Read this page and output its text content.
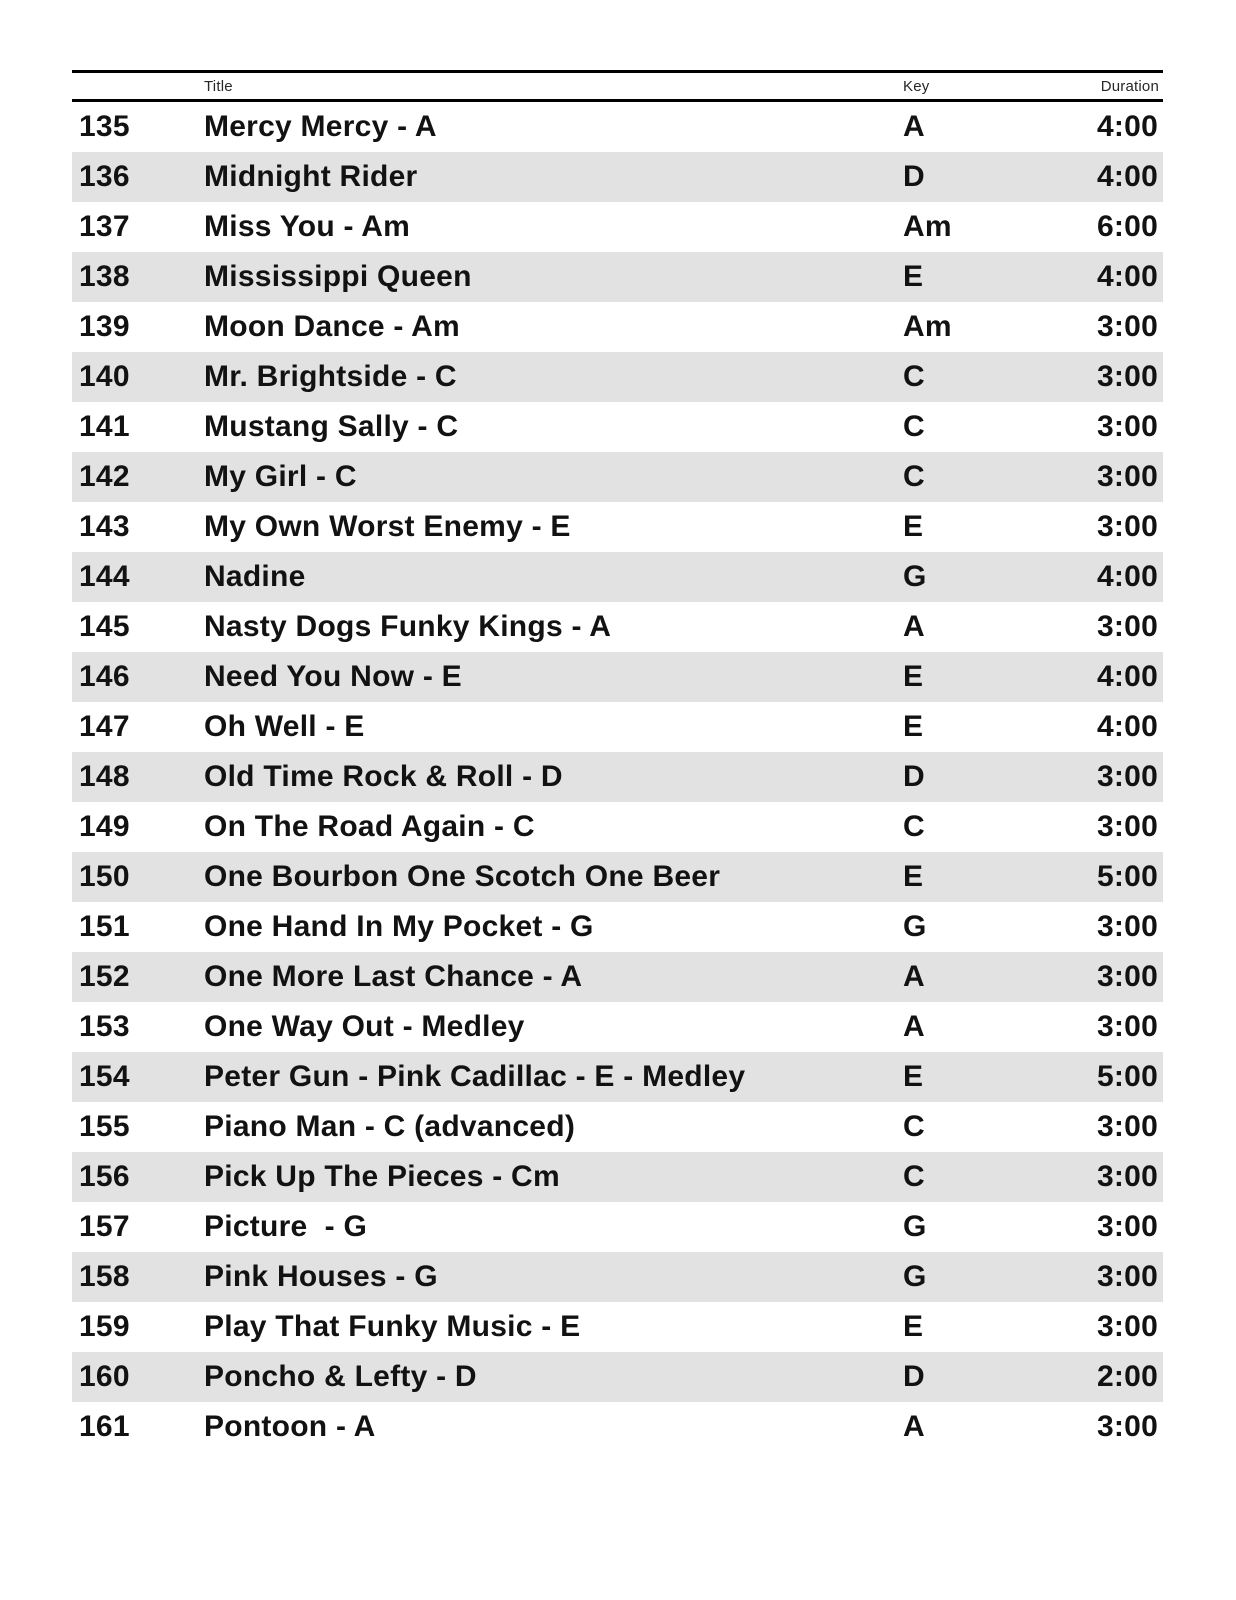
Title	Key	Duration
135 Mercy Mercy - A	A	4:00
136 Midnight Rider	D	4:00
137 Miss You - Am	Am	6:00
138 Mississippi Queen	E	4:00
139 Moon Dance - Am	Am	3:00
140 Mr. Brightside - C	C	3:00
141 Mustang Sally - C	C	3:00
142 My Girl - C	C	3:00
143 My Own Worst Enemy - E	E	3:00
144 Nadine	G	4:00
145 Nasty Dogs Funky Kings - A	A	3:00
146 Need You Now - E	E	4:00
147 Oh Well - E	E	4:00
148 Old Time Rock & Roll - D	D	3:00
149 On The Road Again - C	C	3:00
150 One Bourbon One Scotch One Beer	E	5:00
151 One Hand In My Pocket - G	G	3:00
152 One More Last Chance - A	A	3:00
153 One Way Out - Medley	A	3:00
154 Peter Gun - Pink Cadillac - E - Medley	E	5:00
155 Piano Man - C (advanced)	C	3:00
156 Pick Up The Pieces - Cm	C	3:00
157 Picture  - G	G	3:00
158 Pink Houses - G	G	3:00
159 Play That Funky Music - E	E	3:00
160 Poncho & Lefty - D	D	2:00
161 Pontoon - A	A	3:00
